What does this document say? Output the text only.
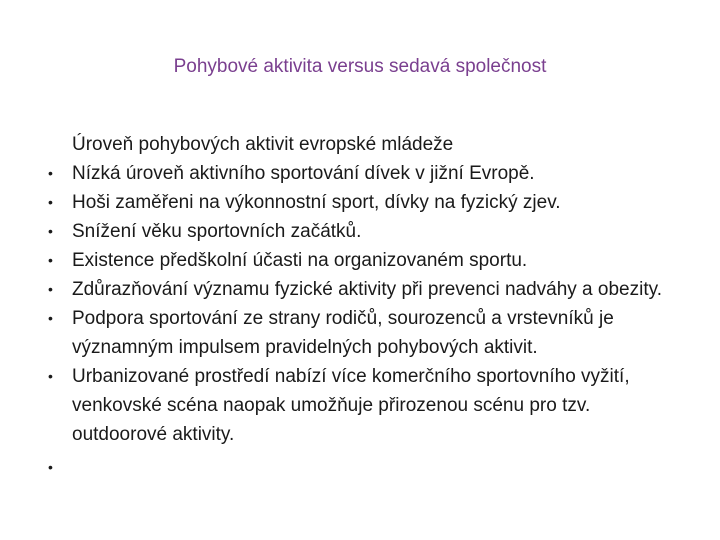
Pohybové aktivita versus sedavá společnost

Úroveň pohybových aktivit evropské mládeže

•	Nízká úroveň aktivního sportování dívek v jižní Evropě.
•	Hoši zaměřeni na výkonnostní sport, dívky na fyzický zjev.
•	Snížení věku sportovních začátků.
•	Existence předškolní účasti na organizovaném sportu.
•	Zdůrazňování významu fyzické aktivity při prevenci nadváhy a obezity.
•	Podpora sportování ze strany rodičů, sourozenců a vrstevníků je významným impulsem pravidelných pohybových aktivit.
•	Urbanizované prostředí nabízí více komerčního sportovního vyžití, venkovské scéna naopak umožňuje přirozenou scénu pro tzv. outdoorové aktivity.
•
